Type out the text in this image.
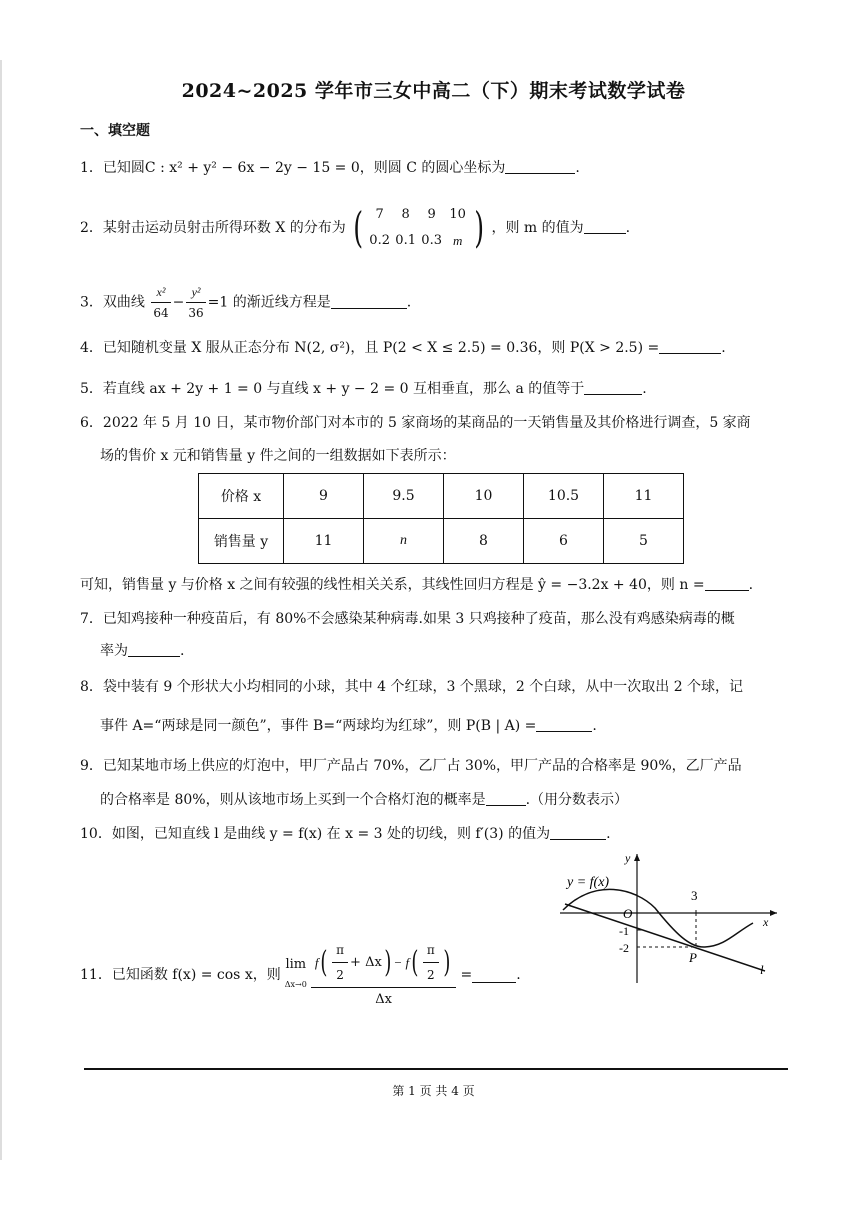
2024~2025 学年市三女中高二（下）期末考试数学试卷
一、填空题
1．已知圆C : x² + y² − 6x − 2y − 15 = 0，则圆 C 的圆心坐标为	.
2．某射击运动员射击所得环数 X 的分布为 ( 7	8	9	10
0.2 0.1 0.3 m ) ，则 m 的值为	.
3．双曲线 $\frac{\text{x²}}{64} - \frac{\text{y²}}{36} =1$ 的渐近线方程是	.
4．已知随机变量 X 服从正态分布 N(2, σ²)，且 P(2 < X ≤ 2.5) = 0.36，则 P(X > 2.5) =	.
5．若直线 ax + 2y + 1 = 0 与直线 x + y − 2 = 0 互相垂直，那么 a 的值等于	.
6．2022 年 5 月 10 日，某市物价部门对本市的 5 家商场的某商品的一天销售量及其价格进行调查，5 家商
场的售价 x 元和销售量 y 件之间的一组数据如下表所示：
价格 x	9	9.5	10	10.5	11
销售量 y	11	n	8	6	5
可知，销售量 y 与价格 x 之间有较强的线性相关关系，其线性回归方程是 ŷ = −3.2x + 40，则 n =	.
7．已知鸡接种一种疫苗后，有 80%不会感染某种病毒.如果 3 只鸡接种了疫苗，那么没有鸡感染病毒的概
率为	.
8．袋中装有 9 个形状大小均相同的小球，其中 4 个红球，3 个黑球，2 个白球，从中一次取出 2 个球，记
事件 A=“两球是同一颜色”，事件 B=“两球均为红球”，则 P(B | A) =	.
9．已知某地市场上供应的灯泡中，甲厂产品占 70%，乙厂占 30%，甲厂产品的合格率是 90%，乙厂产品
的合格率是 80%，则从该地市场上买到一个合格灯泡的概率是	.（用分数表示）
10．如图，已知直线 l 是曲线 y = f(x) 在 x = 3 处的切线，则 f′(3) 的值为	.
y = f(x)
y
x
O
3
-1
-2
P
l
11． 已知函数 f(x) = cos x，则
lim
Δx→0
f ( $\frac{\pi}{2} + \Delta x$ ) − f ( $\frac{\pi}{2}$ )
Δx
=	.
第 1 页 共 4 页
